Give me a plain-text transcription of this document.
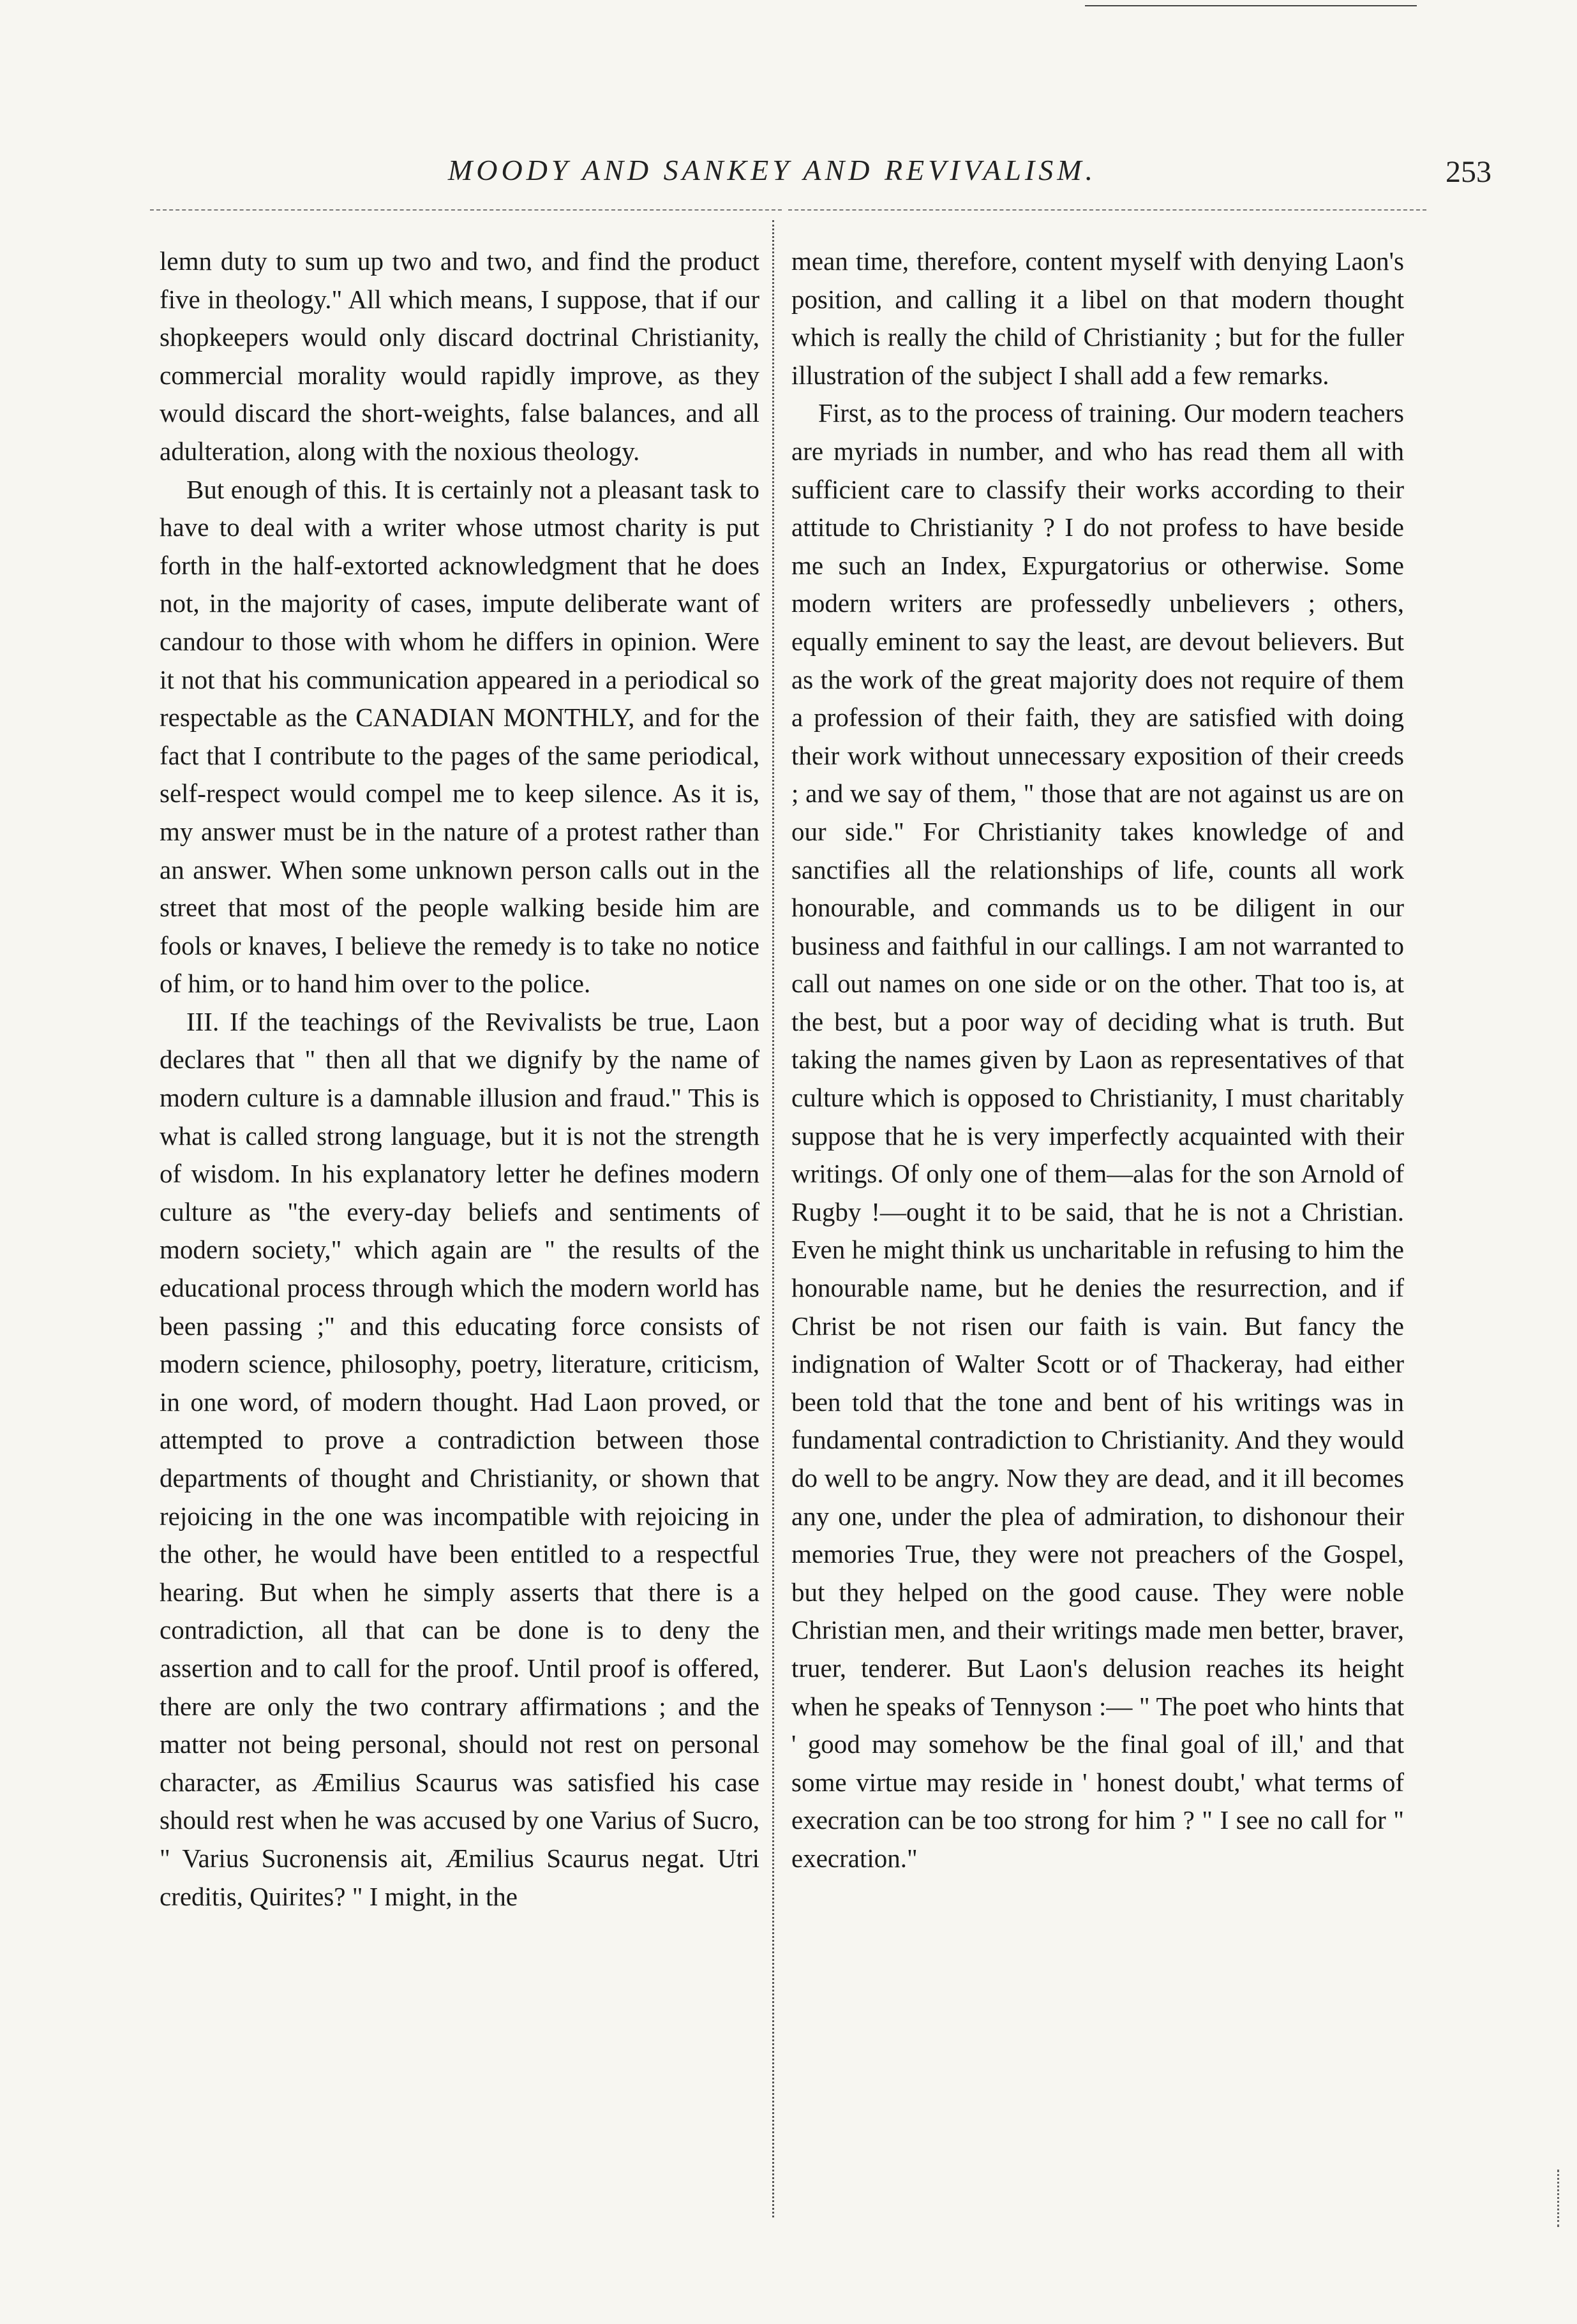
MOODY AND SANKEY AND REVIVALISM.	253

lemn duty to sum up two and two, and find the product five in theology." All which means, I suppose, that if our shopkeepers would only discard doctrinal Christianity, commercial morality would rapidly improve, as they would discard the short-weights, false balances, and all adulteration, along with the noxious theology.

But enough of this. It is certainly not a pleasant task to have to deal with a writer whose utmost charity is put forth in the half-extorted acknowledgment that he does not, in the majority of cases, impute deliberate want of candour to those with whom he differs in opinion. Were it not that his communication appeared in a periodical so respectable as the CANADIAN MONTHLY, and for the fact that I contribute to the pages of the same periodical, self-respect would compel me to keep silence. As it is, my answer must be in the nature of a protest rather than an answer. When some unknown person calls out in the street that most of the people walking beside him are fools or knaves, I believe the remedy is to take no notice of him, or to hand him over to the police.

III. If the teachings of the Revivalists be true, Laon declares that " then all that we dignify by the name of modern culture is a damnable illusion and fraud." This is what is called strong language, but it is not the strength of wisdom. In his explanatory letter he defines modern culture as "the every-day beliefs and sentiments of modern society," which again are " the results of the educational process through which the modern world has been passing ;" and this educating force consists of modern science, philosophy, poetry, literature, criticism, in one word, of modern thought. Had Laon proved, or attempted to prove a contradiction between those departments of thought and Christianity, or shown that rejoicing in the one was incompatible with rejoicing in the other, he would have been entitled to a respectful hearing. But when he simply asserts that there is a contradiction, all that can be done is to deny the assertion and to call for the proof. Until proof is offered, there are only the two contrary affirmations ; and the matter not being personal, should not rest on personal character, as Æmilius Scaurus was satisfied his case should rest when he was accused by one Varius of Sucro, " Varius Sucronensis ait, Æmilius Scaurus negat. Utri creditis, Quirites? " I might, in the

mean time, therefore, content myself with denying Laon's position, and calling it a libel on that modern thought which is really the child of Christianity ; but for the fuller illustration of the subject I shall add a few remarks.

First, as to the process of training. Our modern teachers are myriads in number, and who has read them all with sufficient care to classify their works according to their attitude to Christianity ? I do not profess to have beside me such an Index, Expurgatorius or otherwise. Some modern writers are professedly unbelievers ; others, equally eminent to say the least, are devout believers. But as the work of the great majority does not require of them a profession of their faith, they are satisfied with doing their work without unnecessary exposition of their creeds ; and we say of them, " those that are not against us are on our side." For Christianity takes knowledge of and sanctifies all the relationships of life, counts all work honourable, and commands us to be diligent in our business and faithful in our callings. I am not warranted to call out names on one side or on the other. That too is, at the best, but a poor way of deciding what is truth. But taking the names given by Laon as representatives of that culture which is opposed to Christianity, I must charitably suppose that he is very imperfectly acquainted with their writings. Of only one of them—alas for the son Arnold of Rugby !—ought it to be said, that he is not a Christian. Even he might think us uncharitable in refusing to him the honourable name, but he denies the resurrection, and if Christ be not risen our faith is vain. But fancy the indignation of Walter Scott or of Thackeray, had either been told that the tone and bent of his writings was in fundamental contradiction to Christianity. And they would do well to be angry. Now they are dead, and it ill becomes any one, under the plea of admiration, to dishonour their memories True, they were not preachers of the Gospel, but they helped on the good cause. They were noble Christian men, and their writings made men better, braver, truer, tenderer. But Laon's delusion reaches its height when he speaks of Tennyson :— " The poet who hints that ' good may somehow be the final goal of ill,' and that some virtue may reside in ' honest doubt,' what terms of execration can be too strong for him ? " I see no call for " execration."
